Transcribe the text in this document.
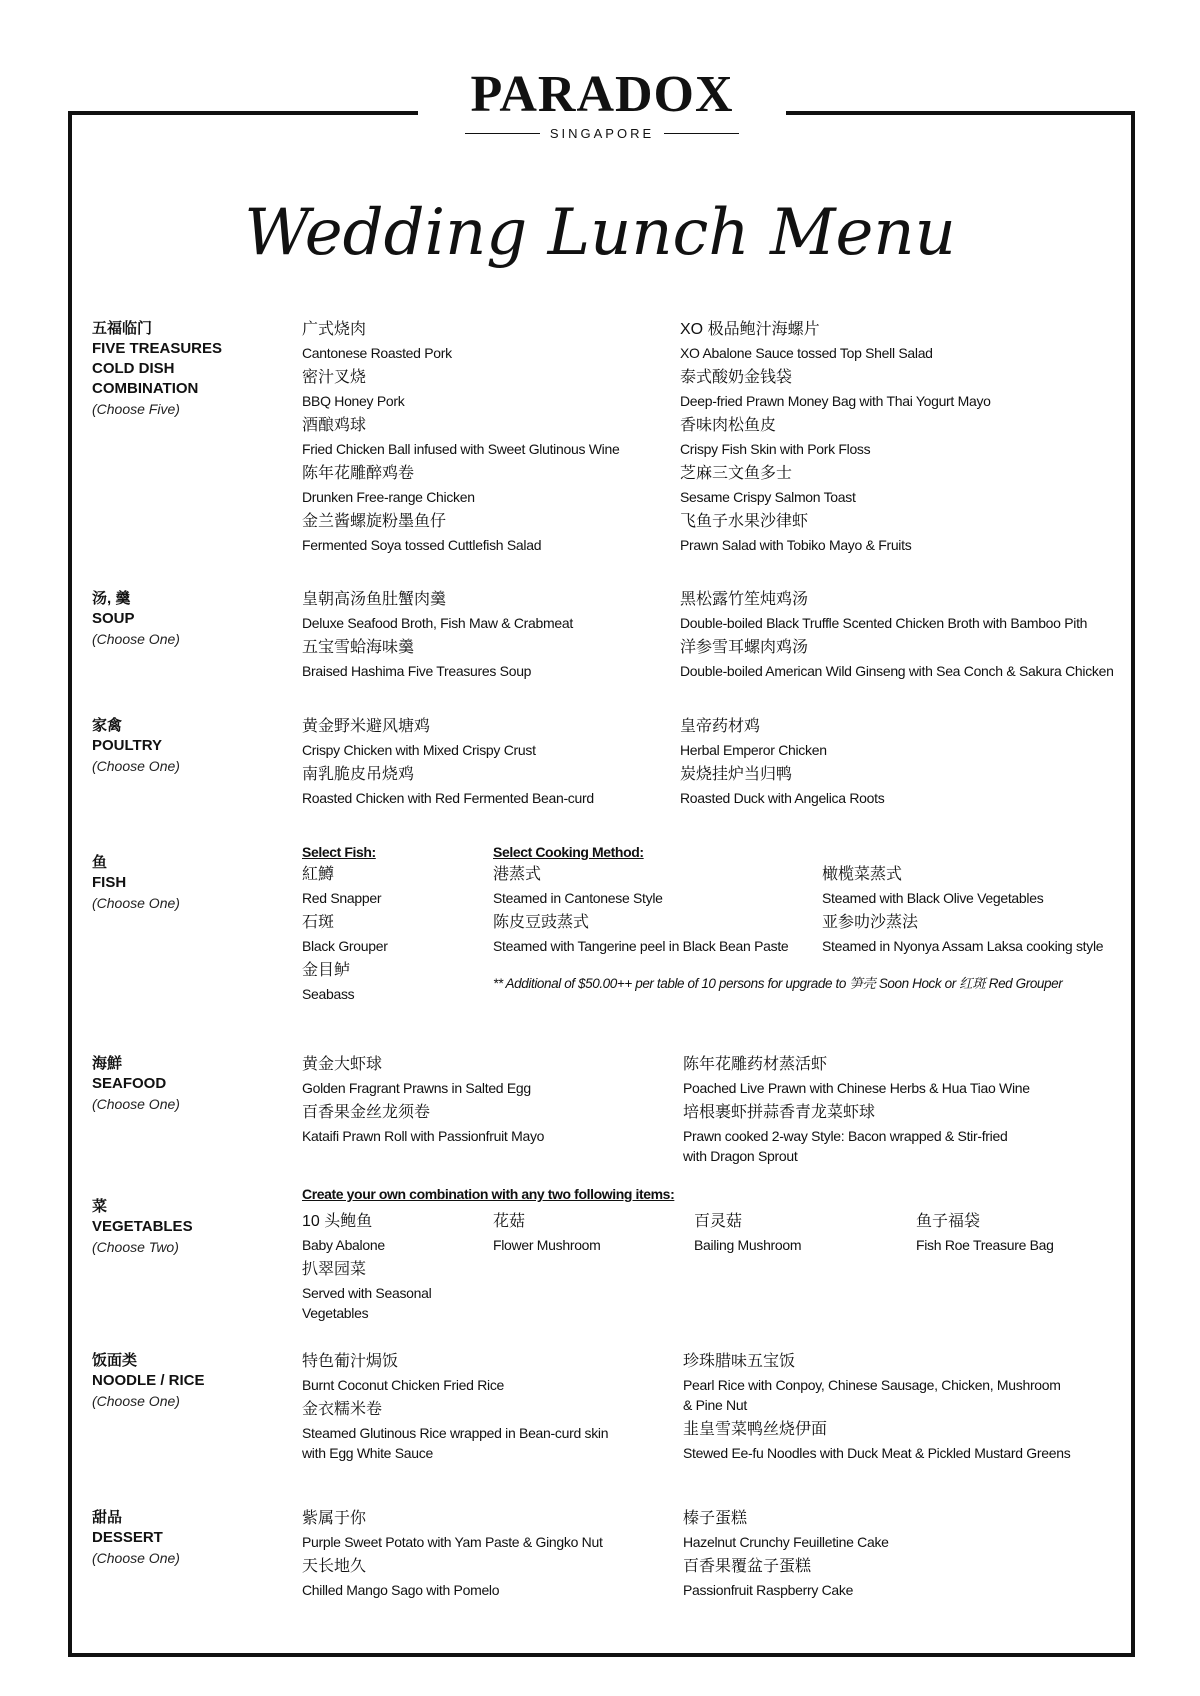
PARADOX
SINGAPORE
Wedding Lunch Menu
五福临门
FIVE TREASURES
COLD DISH
COMBINATION
(Choose Five)
广式烧肉
Cantonese Roasted Pork
密汁叉烧
BBQ Honey Pork
酒酿鸡球
Fried Chicken Ball infused with Sweet Glutinous Wine
陈年花雕醉鸡卷
Drunken Free-range Chicken
金兰酱螺旋粉墨鱼仔
Fermented Soya tossed Cuttlefish Salad
XO 极品鲍汁海螺片
XO Abalone Sauce tossed Top Shell Salad
泰式酸奶金钱袋
Deep-fried Prawn Money Bag with Thai Yogurt Mayo
香味肉松鱼皮
Crispy Fish Skin with Pork Floss
芝麻三文鱼多士
Sesame Crispy Salmon Toast
飞鱼子水果沙律虾
Prawn Salad with Tobiko Mayo & Fruits
汤, 羹
SOUP
(Choose One)
皇朝高汤鱼肚蟹肉羹
Deluxe Seafood Broth, Fish Maw & Crabmeat
五宝雪蛤海味羹
Braised Hashima Five Treasures Soup
黑松露竹笙炖鸡汤
Double-boiled Black Truffle Scented Chicken Broth with Bamboo Pith
洋参雪耳螺肉鸡汤
Double-boiled American Wild Ginseng with Sea Conch & Sakura Chicken
家禽
POULTRY
(Choose One)
黄金野米避风塘鸡
Crispy Chicken with Mixed Crispy Crust
南乳脆皮吊烧鸡
Roasted Chicken with Red Fermented Bean-curd
皇帝药材鸡
Herbal Emperor Chicken
炭烧挂炉当归鸭
Roasted Duck with Angelica Roots
鱼
FISH
(Choose One)
Select Fish:
紅鱒
Red Snapper
石斑
Black Grouper
金目鲈
Seabass
Select Cooking Method:
港蒸式
Steamed in Cantonese Style
陈皮豆豉蒸式
Steamed with Tangerine peel in Black Bean Paste
橄榄菜蒸式
Steamed with Black Olive Vegetables
亚参叻沙蒸法
Steamed in Nyonya Assam Laksa cooking style
** Additional of $50.00++ per table of 10 persons for upgrade to 笋壳 Soon Hock or 红斑 Red Grouper
海鮮
SEAFOOD
(Choose One)
黄金大虾球
Golden Fragrant Prawns in Salted Egg
百香果金丝龙须卷
Kataifi Prawn Roll with Passionfruit Mayo
陈年花雕药材蒸活虾
Poached Live Prawn with Chinese Herbs & Hua Tiao Wine
培根裹虾拼蒜香青龙菜虾球
Prawn cooked 2-way Style: Bacon wrapped & Stir-fried
with Dragon Sprout
菜
VEGETABLES
(Choose Two)
Create your own combination with any two following items:
10 头鲍鱼
Baby Abalone
扒翠园菜
Served with Seasonal Vegetables
花菇
Flower Mushroom
百灵菇
Bailing Mushroom
鱼子福袋
Fish Roe Treasure Bag
饭面类
NOODLE / RICE
(Choose One)
特色葡汁焗饭
Burnt Coconut Chicken Fried Rice
金衣糯米卷
Steamed Glutinous Rice wrapped in Bean-curd skin
with Egg White Sauce
珍珠腊味五宝饭
Pearl Rice with Conpoy, Chinese Sausage, Chicken, Mushroom
& Pine Nut
韭皇雪菜鸭丝烧伊面
Stewed Ee-fu Noodles with Duck Meat & Pickled Mustard Greens
甜品
DESSERT
(Choose One)
紫属于你
Purple Sweet Potato with Yam Paste & Gingko Nut
天长地久
Chilled Mango Sago with Pomelo
榛子蛋糕
Hazelnut Crunchy Feuilletine Cake
百香果覆盆子蛋糕
Passionfruit Raspberry Cake
